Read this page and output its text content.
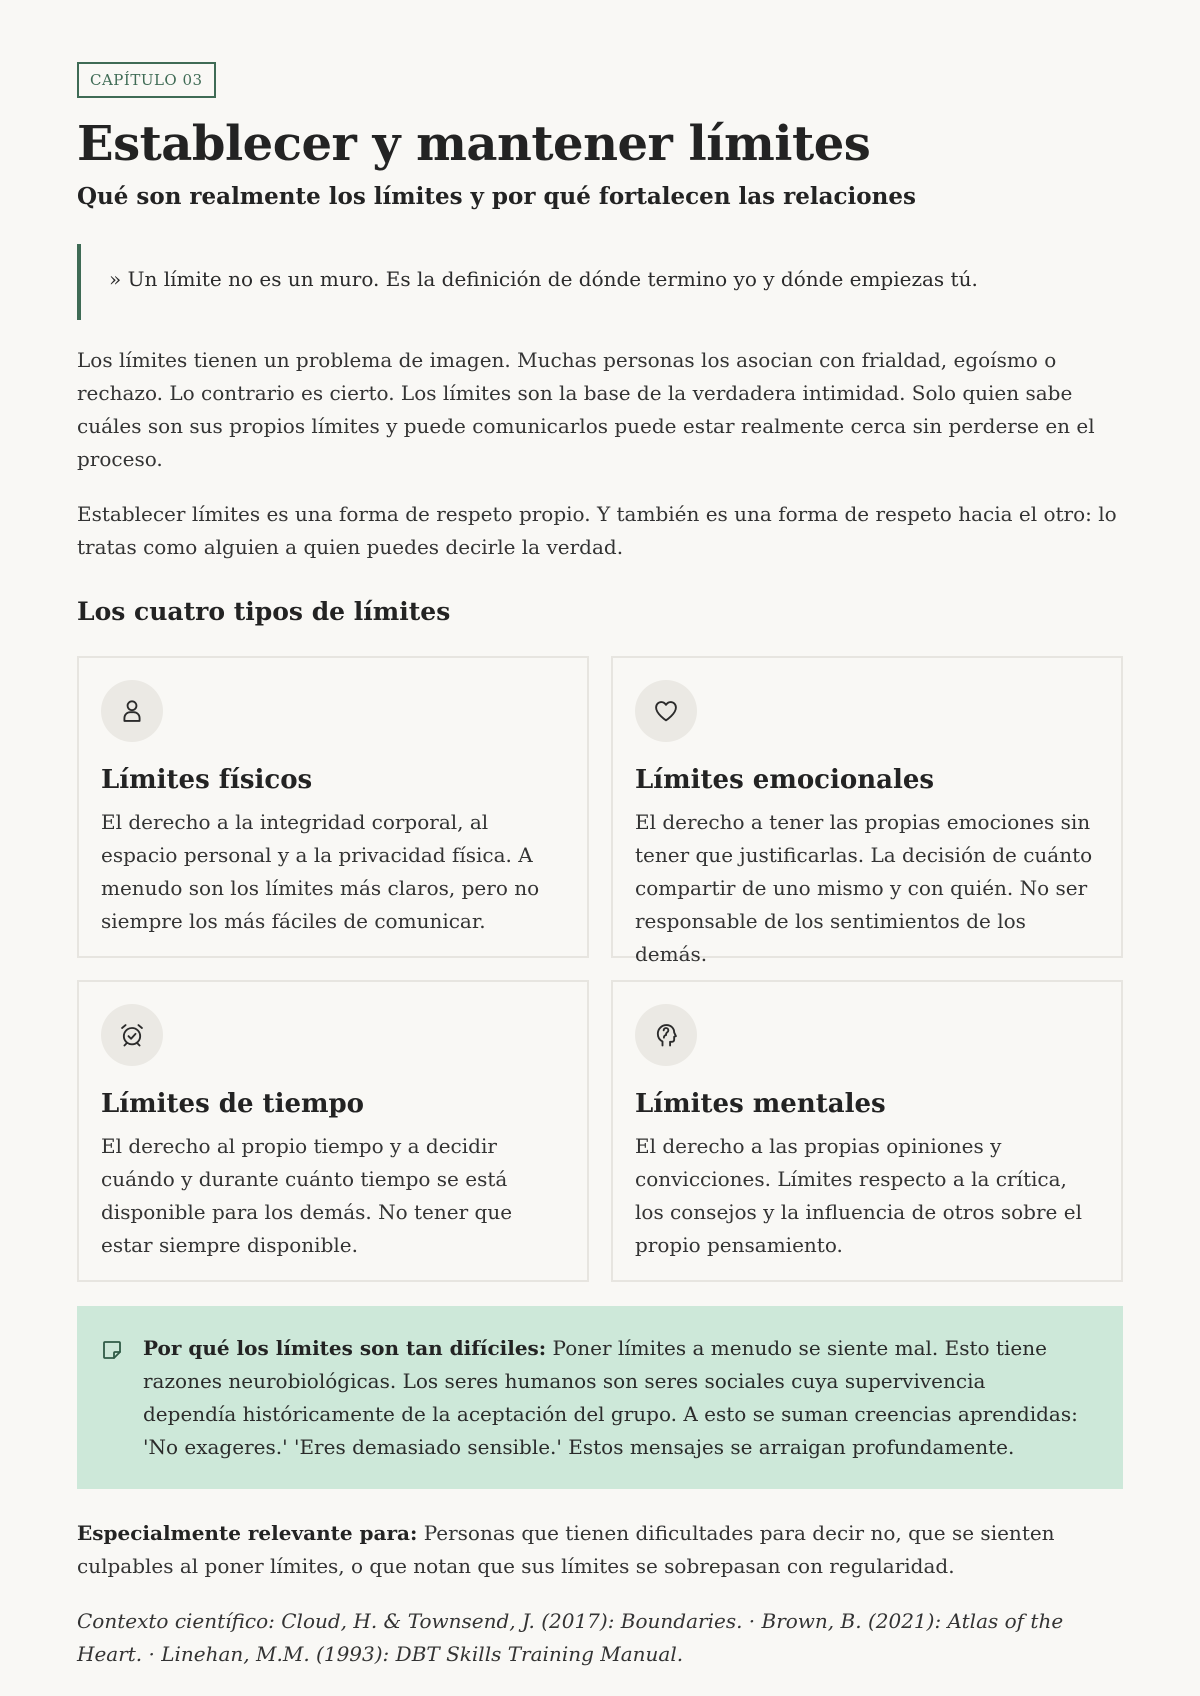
CAPÍTULO 03
Establecer y mantener límites
Qué son realmente los límites y por qué fortalecen las relaciones
» Un límite no es un muro. Es la definición de dónde termino yo y dónde empiezas tú.

Los límites tienen un problema de imagen. Muchas personas los asocian con frialdad, egoísmo o rechazo. Lo contrario es cierto. Los límites son la base de la verdadera intimidad. Solo quien sabe cuáles son sus propios límites y puede comunicarlos puede estar realmente cerca sin perderse en el proceso.

Establecer límites es una forma de respeto propio. Y también es una forma de respeto hacia el otro: lo tratas como alguien a quien puedes decirle la verdad.

Los cuatro tipos de límites
Límites físicos

El derecho a la integridad corporal, al espacio personal y a la privacidad física. A menudo son los límites más claros, pero no siempre los más fáciles de comunicar.

Límites emocionales

El derecho a tener las propias emociones sin tener que justificarlas. La decisión de cuánto compartir de uno mismo y con quién. No ser responsable de los sentimientos de los demás.

Límites de tiempo

El derecho al propio tiempo y a decidir cuándo y durante cuánto tiempo se está disponible para los demás. No tener que estar siempre disponible.

Límites mentales

El derecho a las propias opiniones y convicciones. Límites respecto a la crítica, los consejos y la influencia de otros sobre el propio pensamiento.

Por qué los límites son tan difíciles: Poner límites a menudo se siente mal. Esto tiene razones neurobiológicas. Los seres humanos son seres sociales cuya supervivencia dependía históricamente de la aceptación del grupo. A esto se suman creencias aprendidas: 'No exageres.' 'Eres demasiado sensible.' Estos mensajes se arraigan profundamente.

Especialmente relevante para: Personas que tienen dificultades para decir no, que se sienten culpables al poner límites, o que notan que sus límites se sobrepasan con regularidad.

Contexto científico: Cloud, H. & Townsend, J. (2017): Boundaries. · Brown, B. (2021): Atlas of the Heart. · Linehan, M.M. (1993): DBT Skills Training Manual.
